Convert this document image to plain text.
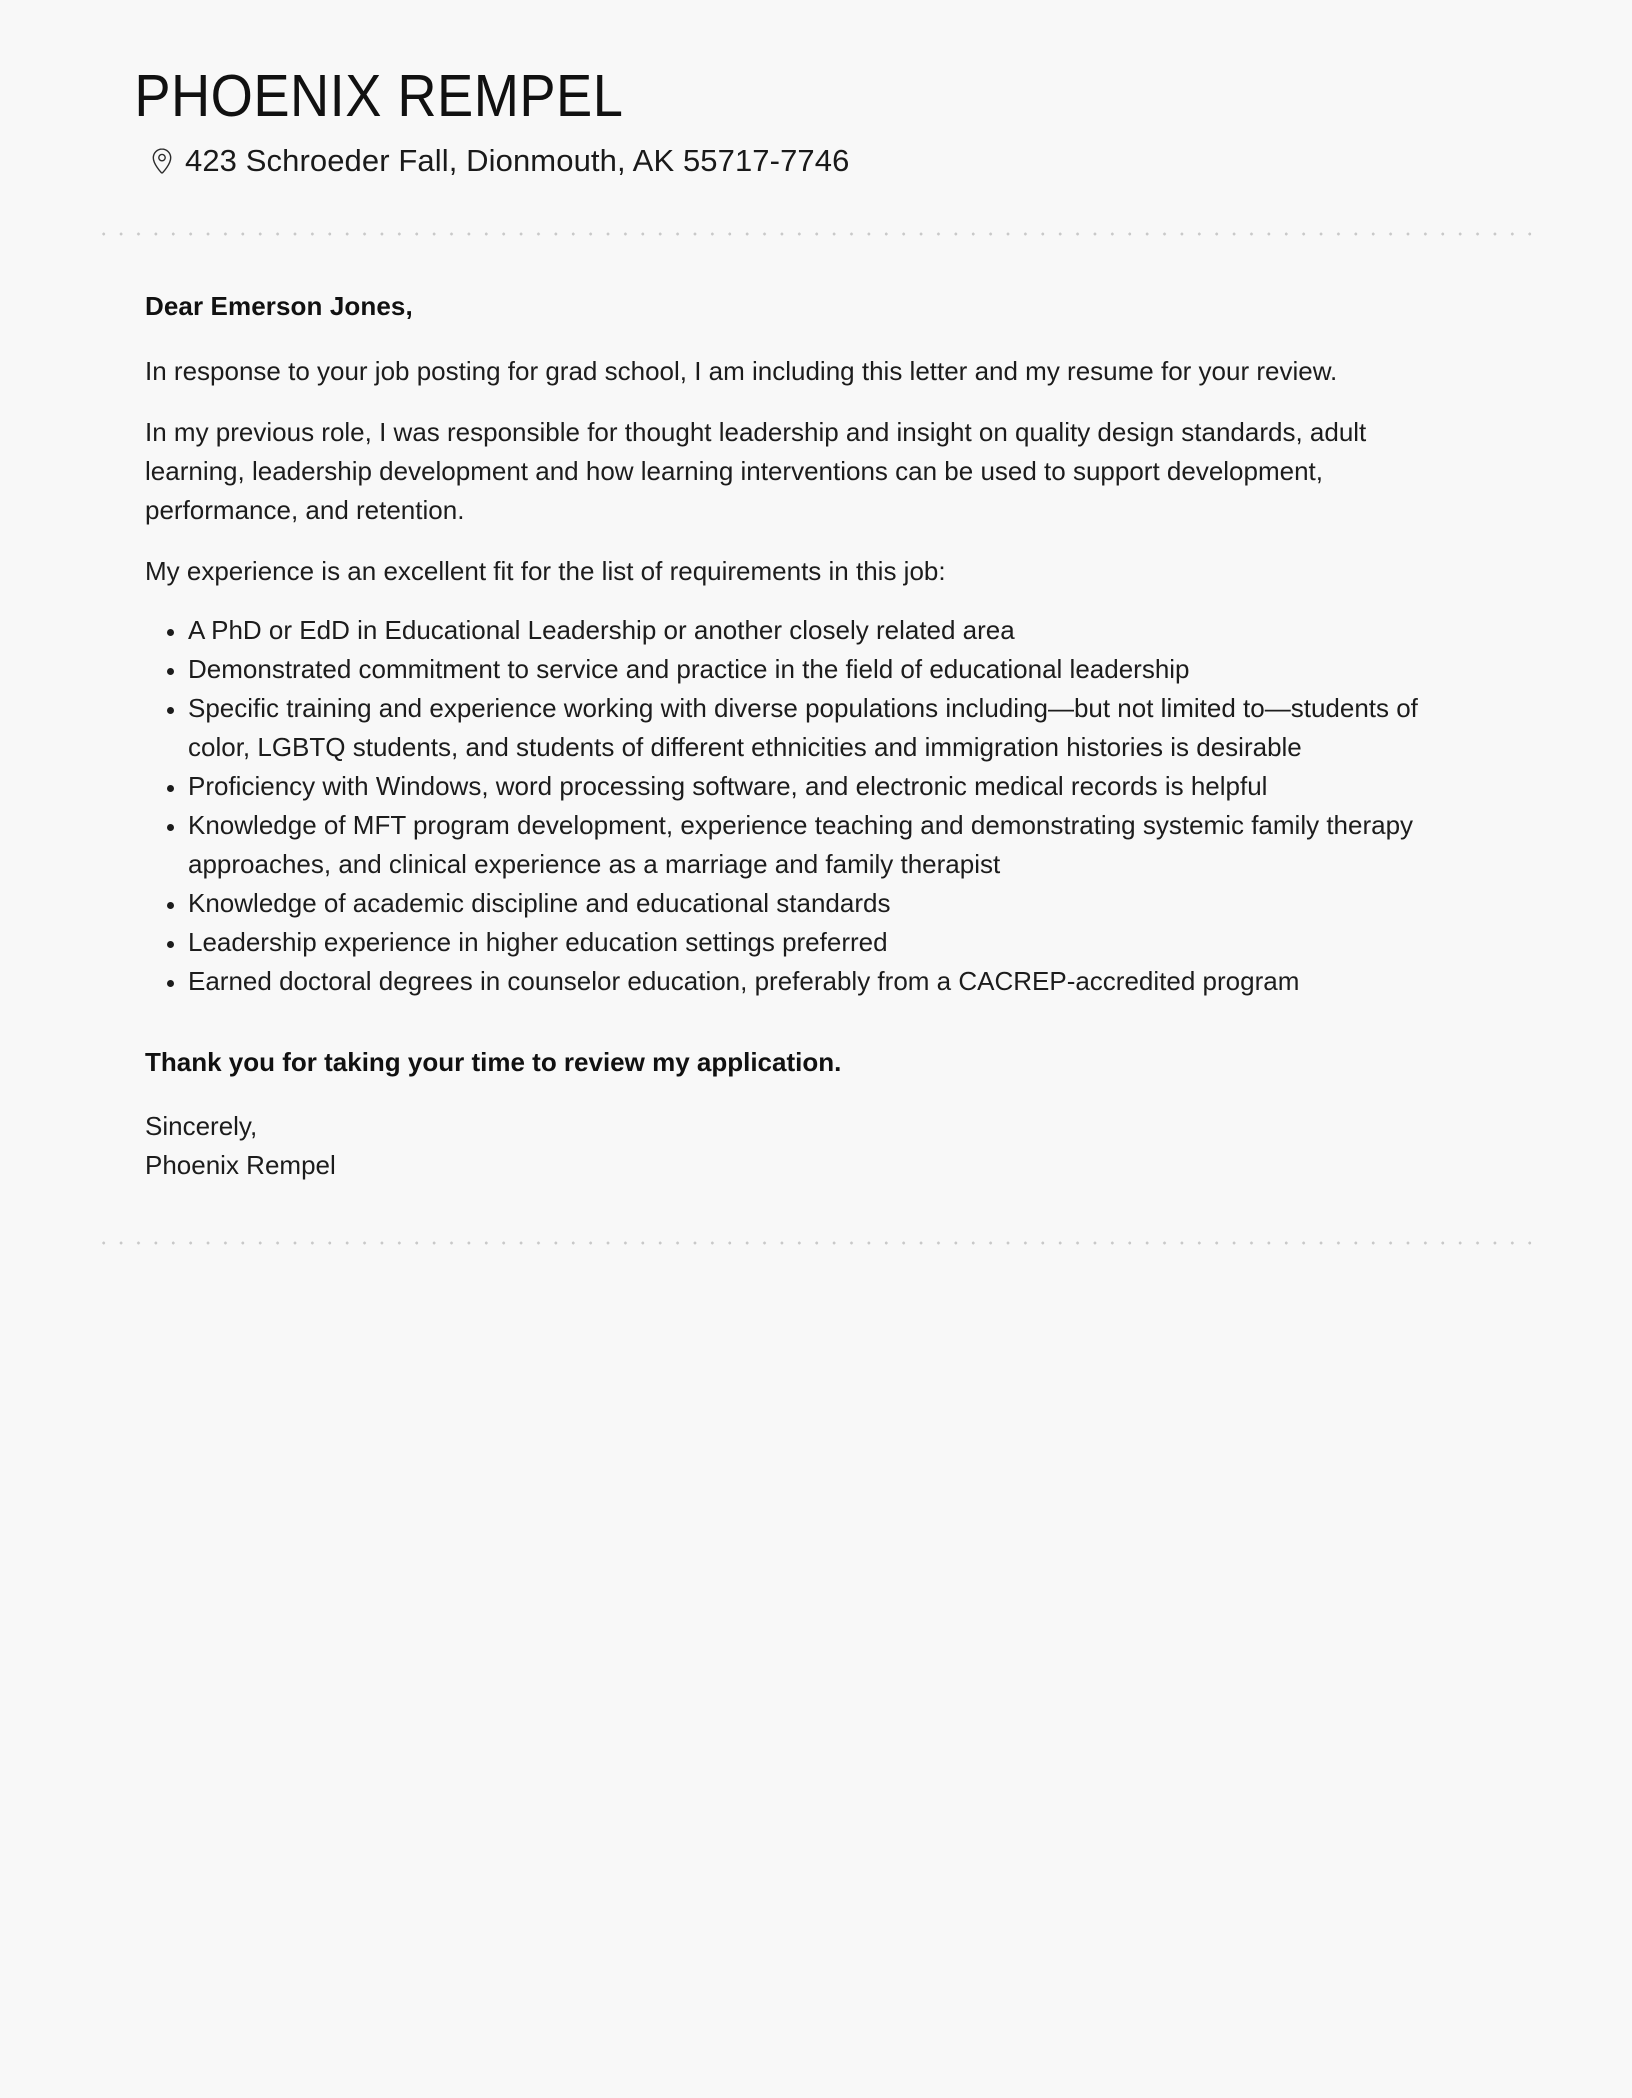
PHOENIX REMPEL
423 Schroeder Fall, Dionmouth, AK 55717-7746

Dear Emerson Jones,

In response to your job posting for grad school, I am including this letter and my resume for your review.

In my previous role, I was responsible for thought leadership and insight on quality design standards, adult learning, leadership development and how learning interventions can be used to support development, performance, and retention.

My experience is an excellent fit for the list of requirements in this job:

A PhD or EdD in Educational Leadership or another closely related area
Demonstrated commitment to service and practice in the field of educational leadership
Specific training and experience working with diverse populations including—but not limited to—students of color, LGBTQ students, and students of different ethnicities and immigration histories is desirable
Proficiency with Windows, word processing software, and electronic medical records is helpful
Knowledge of MFT program development, experience teaching and demonstrating systemic family therapy approaches, and clinical experience as a marriage and family therapist
Knowledge of academic discipline and educational standards
Leadership experience in higher education settings preferred
Earned doctoral degrees in counselor education, preferably from a CACREP-accredited program

Thank you for taking your time to review my application.

Sincerely,
Phoenix Rempel
